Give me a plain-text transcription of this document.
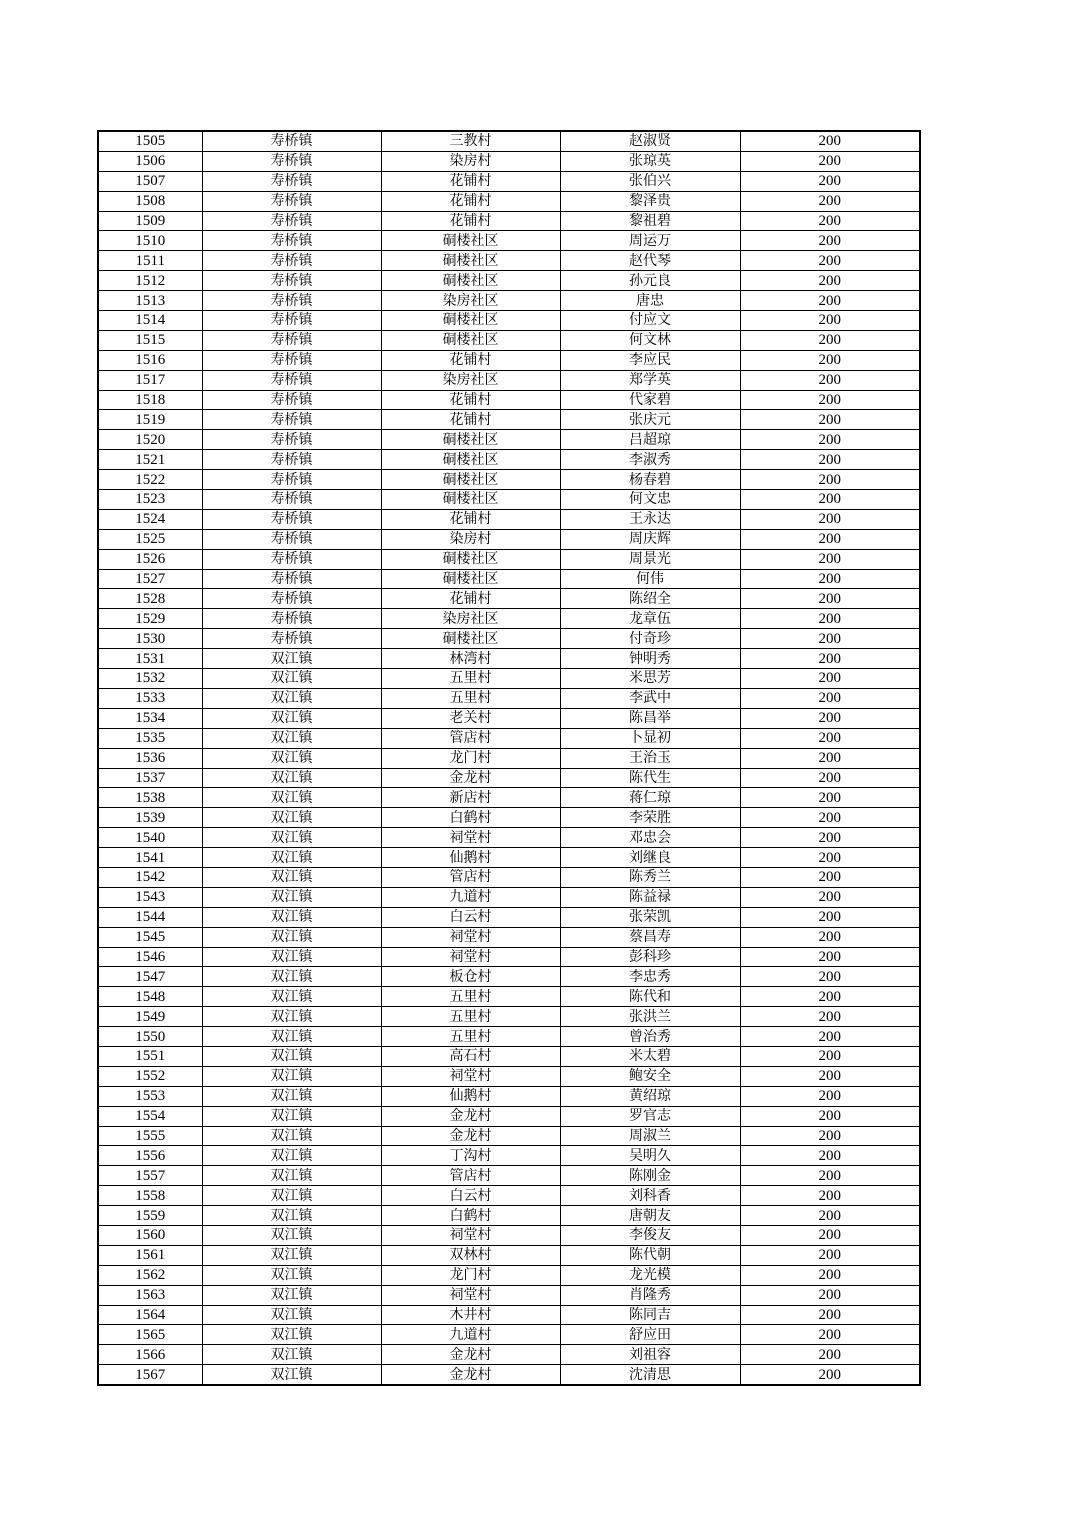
1505	寿桥镇	三教村	赵淑贤	200
1506	寿桥镇	染房村	张琼英	200
1507	寿桥镇	花铺村	张伯兴	200
1508	寿桥镇	花铺村	黎泽贵	200
1509	寿桥镇	花铺村	黎祖碧	200
1510	寿桥镇	硐楼社区	周运万	200
1511	寿桥镇	硐楼社区	赵代琴	200
1512	寿桥镇	硐楼社区	孙元良	200
1513	寿桥镇	染房社区	唐忠	200
1514	寿桥镇	硐楼社区	付应文	200
1515	寿桥镇	硐楼社区	何文林	200
1516	寿桥镇	花铺村	李应民	200
1517	寿桥镇	染房社区	郑学英	200
1518	寿桥镇	花铺村	代家碧	200
1519	寿桥镇	花铺村	张庆元	200
1520	寿桥镇	硐楼社区	吕超琼	200
1521	寿桥镇	硐楼社区	李淑秀	200
1522	寿桥镇	硐楼社区	杨春碧	200
1523	寿桥镇	硐楼社区	何文忠	200
1524	寿桥镇	花铺村	王永达	200
1525	寿桥镇	染房村	周庆辉	200
1526	寿桥镇	硐楼社区	周景光	200
1527	寿桥镇	硐楼社区	何伟	200
1528	寿桥镇	花铺村	陈绍全	200
1529	寿桥镇	染房社区	龙章伍	200
1530	寿桥镇	硐楼社区	付奇珍	200
1531	双江镇	林湾村	钟明秀	200
1532	双江镇	五里村	米思芳	200
1533	双江镇	五里村	李武中	200
1534	双江镇	老关村	陈昌举	200
1535	双江镇	管店村	卜显初	200
1536	双江镇	龙门村	王治玉	200
1537	双江镇	金龙村	陈代生	200
1538	双江镇	新店村	蒋仁琼	200
1539	双江镇	白鹤村	李荣胜	200
1540	双江镇	祠堂村	邓忠会	200
1541	双江镇	仙鹅村	刘继良	200
1542	双江镇	管店村	陈秀兰	200
1543	双江镇	九道村	陈益禄	200
1544	双江镇	白云村	张荣凯	200
1545	双江镇	祠堂村	蔡昌寿	200
1546	双江镇	祠堂村	彭科珍	200
1547	双江镇	板仓村	李忠秀	200
1548	双江镇	五里村	陈代和	200
1549	双江镇	五里村	张洪兰	200
1550	双江镇	五里村	曾治秀	200
1551	双江镇	高石村	米太碧	200
1552	双江镇	祠堂村	鲍安全	200
1553	双江镇	仙鹅村	黄绍琼	200
1554	双江镇	金龙村	罗官志	200
1555	双江镇	金龙村	周淑兰	200
1556	双江镇	丁沟村	吴明久	200
1557	双江镇	管店村	陈刚金	200
1558	双江镇	白云村	刘科香	200
1559	双江镇	白鹤村	唐朝友	200
1560	双江镇	祠堂村	李俊友	200
1561	双江镇	双林村	陈代朝	200
1562	双江镇	龙门村	龙光模	200
1563	双江镇	祠堂村	肖隆秀	200
1564	双江镇	木井村	陈同吉	200
1565	双江镇	九道村	舒应田	200
1566	双江镇	金龙村	刘祖容	200
1567	双江镇	金龙村	沈清思	200
